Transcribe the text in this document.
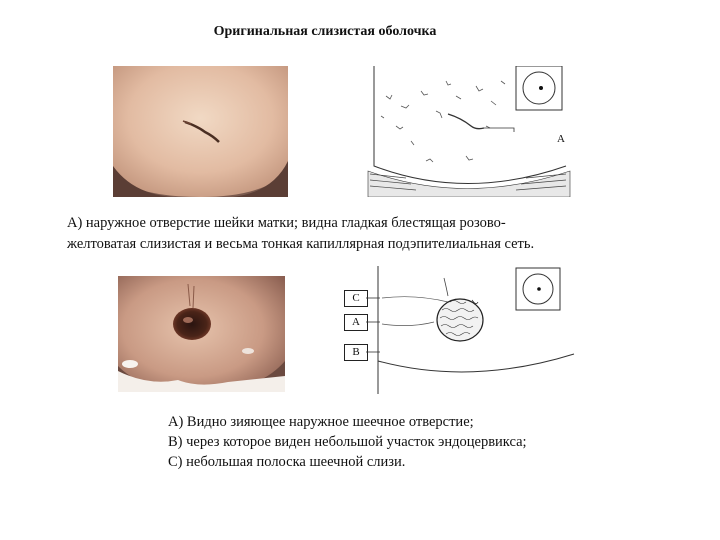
Оригинальная слизистая оболочка
A
А) наружное отверстие шейки матки; видна гладкая блестящая розово-
желтоватая слизистая и весьма тонкая капиллярная подэпителиальная сеть.
C
A
B
А) Видно зияющее наружное шеечное отверстие;
В) через которое виден небольшой участок эндоцервикса;
С) небольшая полоска шеечной слизи.
